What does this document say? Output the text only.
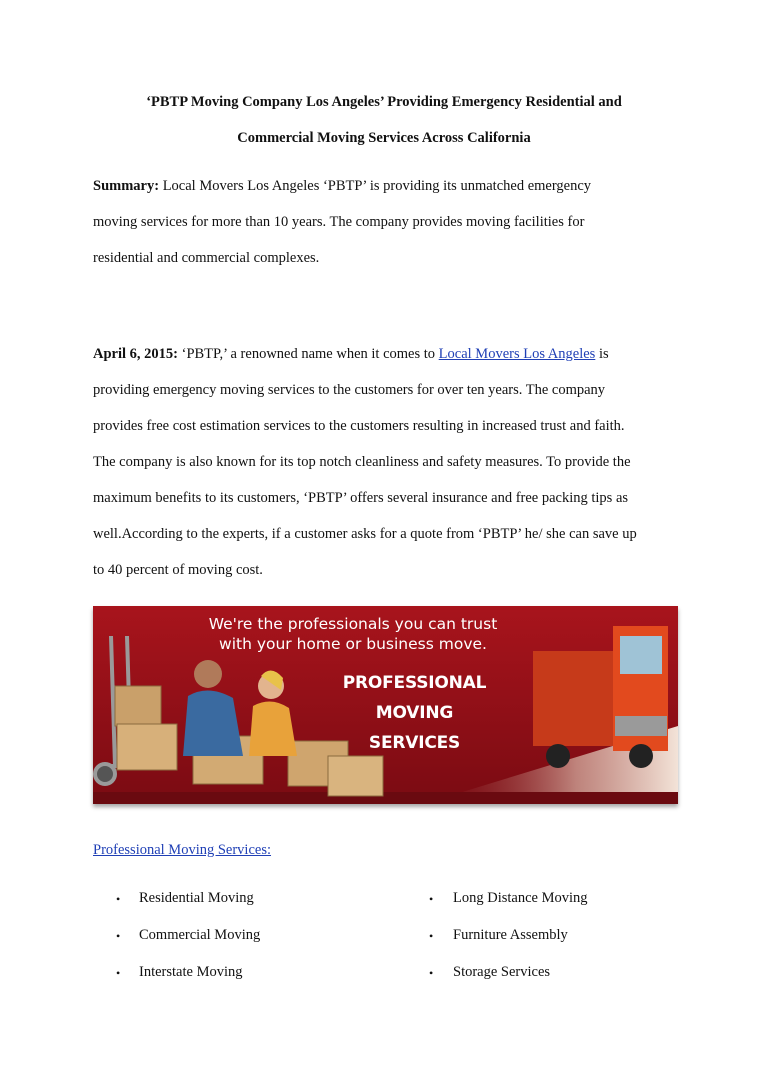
‘PBTP Moving Company Los Angeles’ Providing Emergency Residential and
Commercial Moving Services Across California
Summary: Local Movers Los Angeles ‘PBTP’ is providing its unmatched emergency
moving services for more than 10 years. The company provides moving facilities for
residential and commercial complexes.
April 6, 2015: ‘PBTP,’ a renowned name when it comes to Local Movers Los Angeles is
providing emergency moving services to the customers for over ten years. The company
provides free cost estimation services to the customers resulting in increased trust and faith.
The company is also known for its top notch cleanliness and safety measures. To provide the
maximum benefits to its customers, ‘PBTP’ offers several insurance and free packing tips as
well.According to the experts, if a customer asks for a quote from ‘PBTP’ he/ she can save up
to 40 percent of moving cost.
We're the professionals you can trust
with your home or business move.
PROFESSIONAL MOVING
SERVICES
Professional Moving Services:
• Residential Moving
• Commercial Moving
• Interstate Moving
• Long Distance Moving
• Furniture Assembly
• Storage Services
